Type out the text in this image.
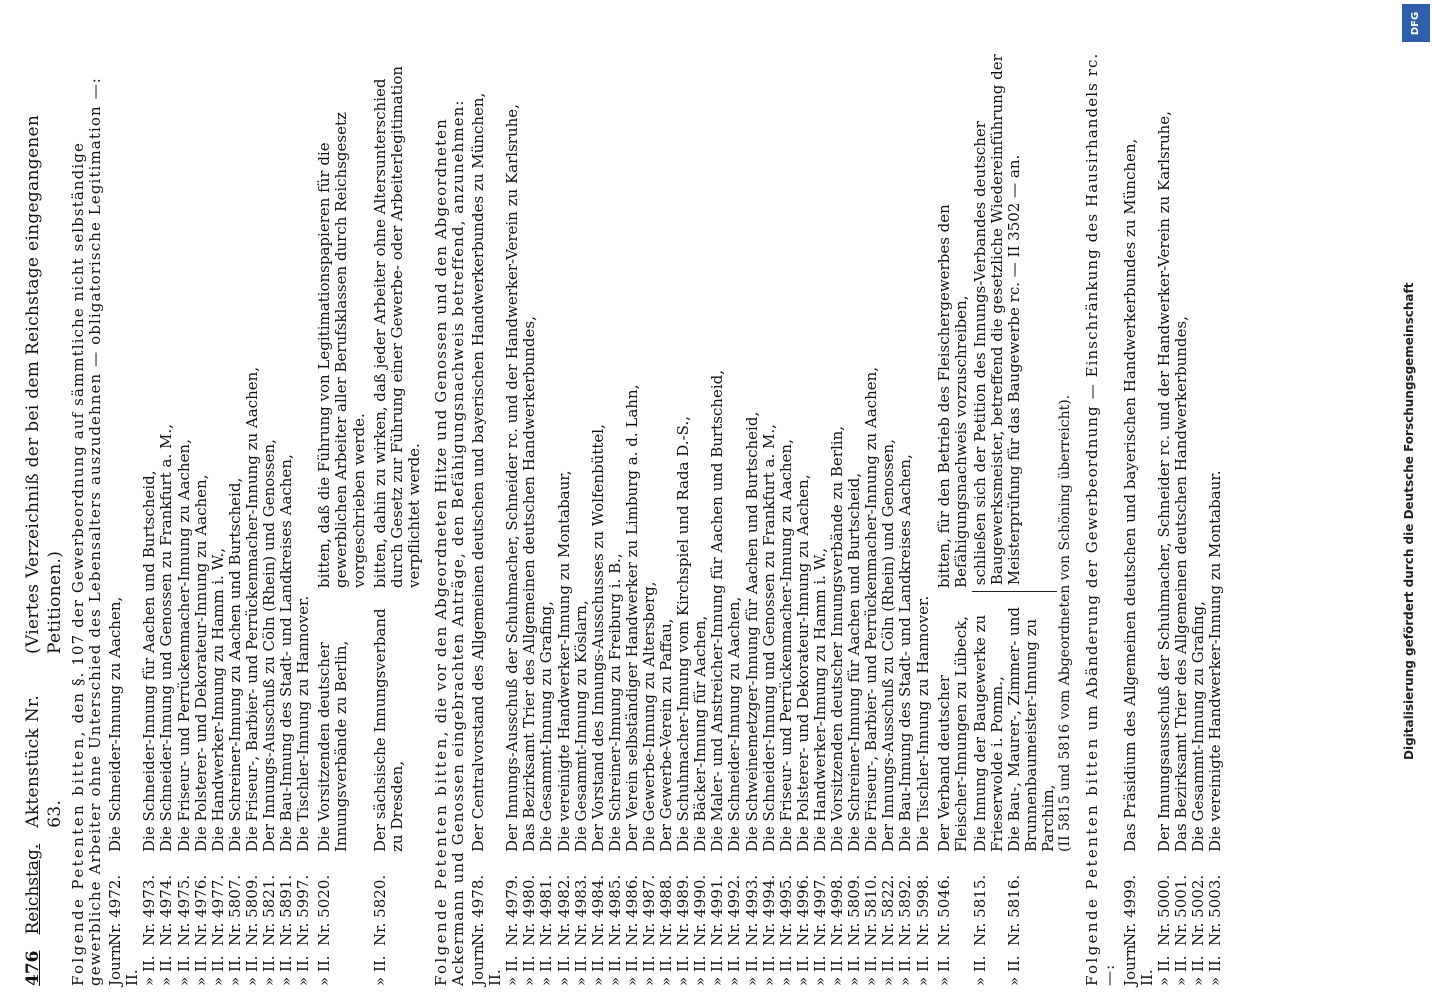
476
Reichstag.
Aktenstück Nr. 63.
(Viertes Verzeichniß der bei dem Reichstage eingegangenen Petitionen.)

Folgende Petenten bitten, den §. 107 der Gewerbeordnung auf sämmtliche nicht selbständige gewerbliche Arbeiter ohne Unterschied des Lebensalters auszudehnen — obligatorische Legitimation —: Journ. II.
Nr. 4972.
Die Schneider-Innung zu Aachen,
» II.
Nr. 4973.
Die Schneider-Innung für Aachen und Burtscheid,
» II.
Nr. 4974.
Die Schneider-Innung und Genossen zu Frankfurt a. M.,
» II.
Nr. 4975.
Die Friseur- und Perrückenmacher-Innung zu Aachen,
» II.
Nr. 4976.
Die Polsterer- und Dekorateur-Innung zu Aachen,
» II.
Nr. 4977.
Die Handwerker-Innung zu Hamm i. W.,
» II.
Nr. 5807.
Die Schreiner-Innung zu Aachen und Burtscheid,
» II.
Nr. 5809.
Die Friseur-, Barbier- und Perrückenmacher-Innung zu Aachen,
» II.
Nr. 5821.
Der Innungs-Ausschuß zu Cöln (Rhein) und Genossen,
» II.
Nr. 5891.
Die Bau-Innung des Stadt- und Landkreises Aachen,
» II.
Nr. 5997.
Die Tischler-Innung zu Hannover.
» II.
Nr. 5020.
Die Vorsitzenden deutscher Innungsverbände zu Berlin,
bitten, daß die Führung von Legitimationspapieren für die gewerblichen Arbeiter aller Berufsklassen durch Reichsgesetz vorgeschrieben werde.
» II.
Nr. 5820.
Der sächsische Innungsverband zu Dresden,
bitten, dahin zu wirken, daß jeder Arbeiter ohne Altersunterschied durch Gesetz zur Führung einer Gewerbe- oder Arbeiterlegitimation verpflichtet werde.

Folgende Petenten bitten, die vor den Abgeordneten Hitze und Genossen und den Abgeordneten Ackermann und Genossen eingebrachten Anträge, den Befähigungsnachweis betreffend, anzunehmen: Journ. II.
Nr. 4978.
Der Centralvorstand des Allgemeinen deutschen und bayerischen Handwerkerbundes zu München,
» II.
Nr. 4979.
Der Innungs-Ausschuß der Schuhmacher, Schneider rc. und der Handwerker-Verein zu Karlsruhe,
» II.
Nr. 4980.
Das Bezirksamt Trier des Allgemeinen deutschen Handwerkerbundes,
» II.
Nr. 4981.
Die Gesammt-Innung zu Grafing,
» II.
Nr. 4982.
Die vereinigte Handwerker-Innung zu Montabaur,
» II.
Nr. 4983.
Die Gesammt-Innung zu Köslarn,
» II.
Nr. 4984.
Der Vorstand des Innungs-Ausschusses zu Wolfenbüttel,
» II.
Nr. 4985.
Die Schreiner-Innung zu Freiburg i. B.,
» II.
Nr. 4986.
Der Verein selbständiger Handwerker zu Limburg a. d. Lahn,
» II.
Nr. 4987.
Die Gewerbe-Innung zu Altersberg,
» II.
Nr. 4988.
Der Gewerbe-Verein zu Paffau,
» II.
Nr. 4989.
Die Schuhmacher-Innung vom Kirchspiel und Rada D.-S.,
» II.
Nr. 4990.
Die Bäcker-Innung für Aachen,
» II.
Nr. 4991.
Die Maler- und Anstreicher-Innung für Aachen und Burtscheid,
» II.
Nr. 4992.
Die Schneider-Innung zu Aachen,
» II.
Nr. 4993.
Die Schweinemetzger-Innung für Aachen und Burtscheid,
» II.
Nr. 4994.
Die Schneider-Innung und Genossen zu Frankfurt a. M.,
» II.
Nr. 4995.
Die Friseur- und Perrückenmacher-Innung zu Aachen,
» II.
Nr. 4996.
Die Polsterer- und Dekorateur-Innung zu Aachen,
» II.
Nr. 4997.
Die Handwerker-Innung zu Hamm i. W.,
» II.
Nr. 4998.
Die Vorsitzenden deutscher Innungsverbände zu Berlin,
» II.
Nr. 5809.
Die Schreiner-Innung für Aachen und Burtscheid,
» II.
Nr. 5810.
Die Friseur-, Barbier- und Perrückenmacher-Innung zu Aachen,
» II.
Nr. 5822.
Der Innungs-Ausschuß zu Cöln (Rhein) und Genossen,
» II.
Nr. 5892.
Die Bau-Innung des Stadt- und Landkreises Aachen,
» II.
Nr. 5998.
Die Tischler-Innung zu Hannover.
» II.
Nr. 5046.
Der Verband deutscher Fleischer-Innungen zu Lübeck,
bitten, für den Betrieb des Fleischergewerbes den Befähigungsnachweis vorzuschreiben,
» II.
Nr. 5815.
Die Innung der Baugewerke zu Frieserwolde i. Pomm.,
» II.
Nr. 5816.
Die Bau-, Maurer-, Zimmer- und Brunnenbaumeister-Innung zu Parchim,
schließen sich der Petition des Innungs-Verbandes deutscher Baugewerksmeister, betreffend die gesetzliche Wiedereinführung der Meisterprüfung für das Baugewerbe rc. — II 3502 — an.
(II 5815 und 5816 vom Abgeordneten von Schöning überreicht).

Folgende Petenten bitten um Abänderung der Gewerbeordnung — Einschränkung des Hausirhandels rc. —: Journ. II.
Nr. 4999.
Das Präsidium des Allgemeinen deutschen und bayerischen Handwerkerbundes zu München,
» II.
Nr. 5000.
Der Innungsausschuß der Schuhmacher, Schneider rc. und der Handwerker-Verein zu Karlsruhe,
» II.
Nr. 5001.
Das Bezirksamt Trier des Allgemeinen deutschen Handwerkerbundes,
» II.
Nr. 5002.
Die Gesammt-Innung zu Grafing,
» II.
Nr. 5003.
Die vereinigte Handwerker-Innung zu Montabaur.
DFG
Digitalisierung gefördert durch die Deutsche Forschungsgemeinschaft
